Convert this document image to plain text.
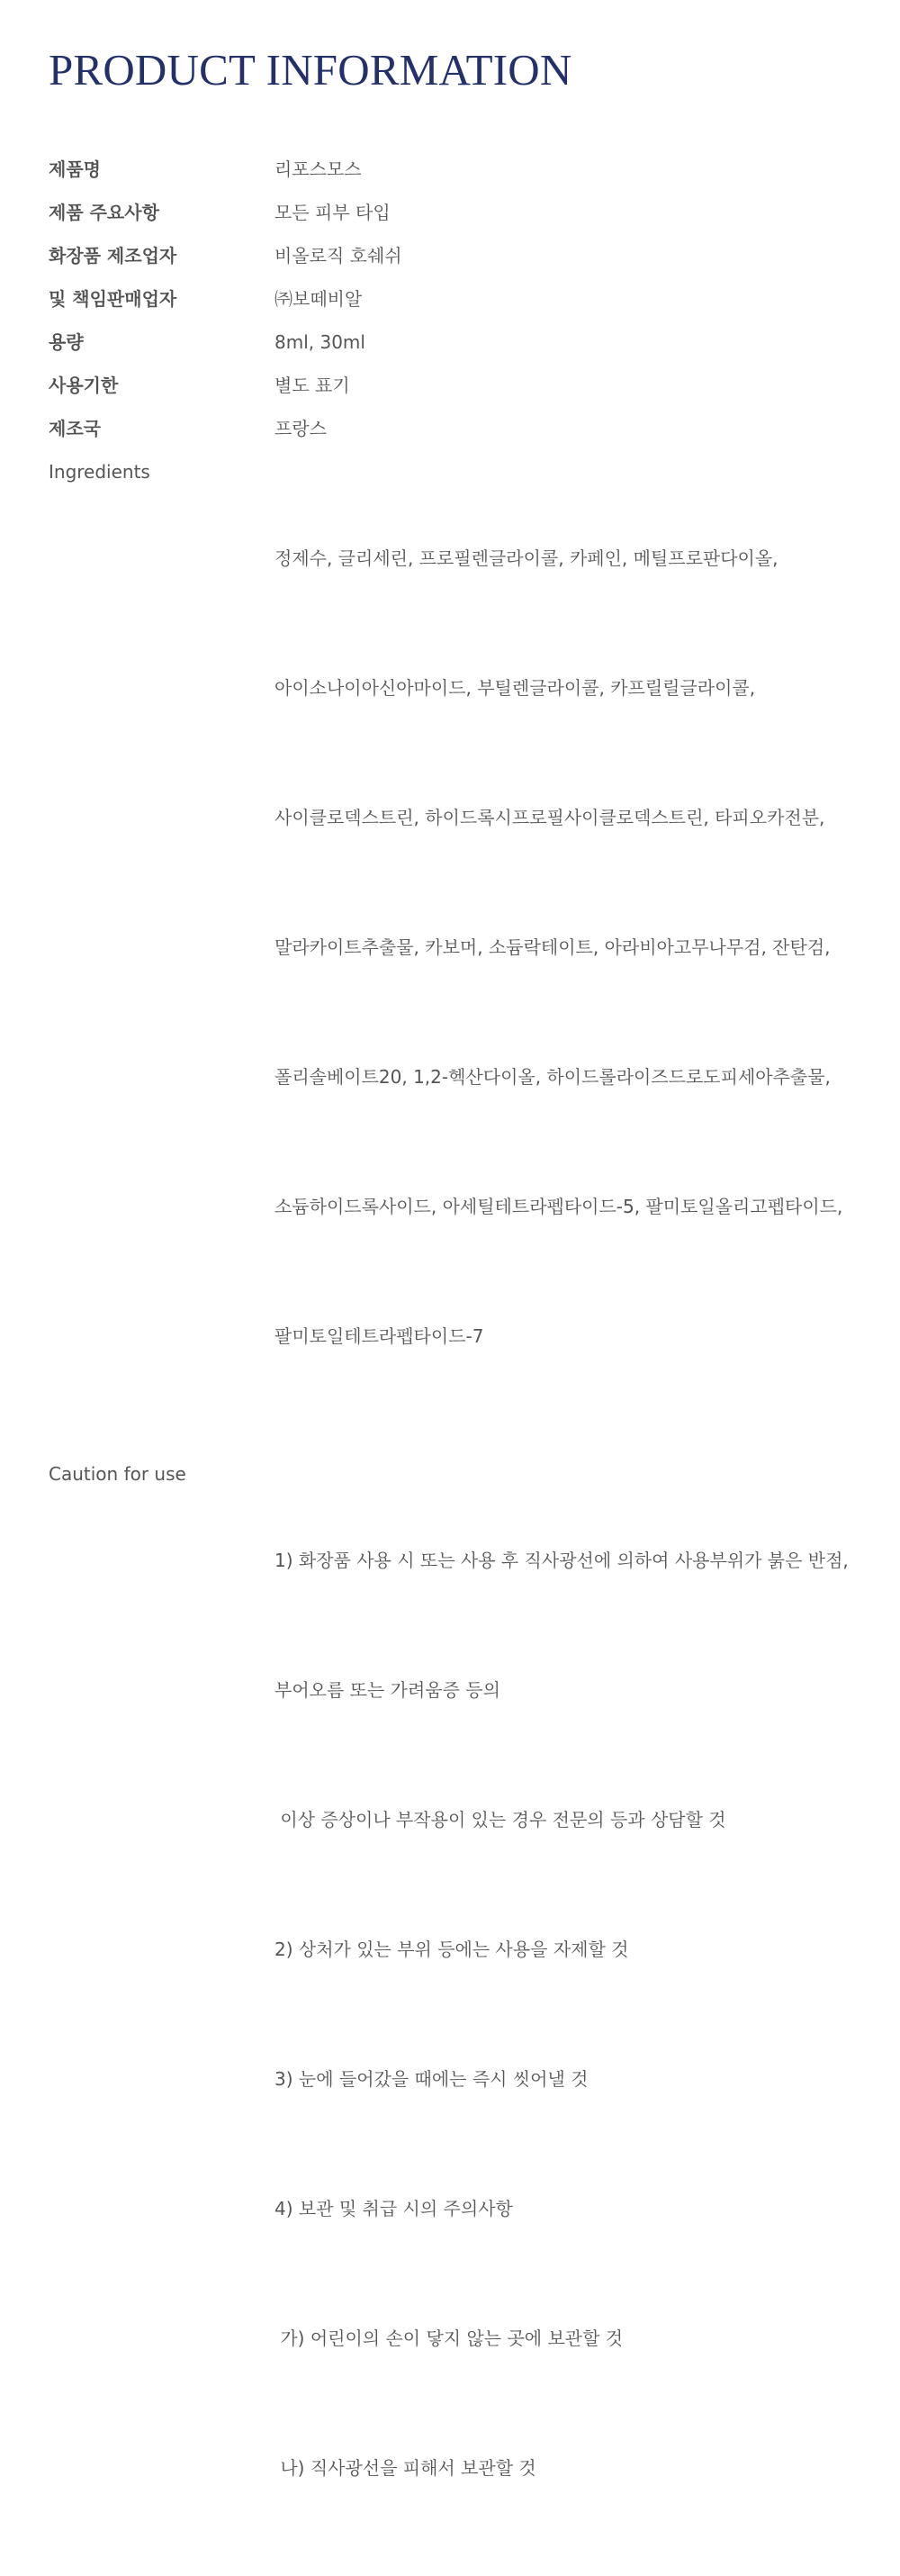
PRODUCT INFORMATION
제품명	리포스모스
제품 주요사항	모든 피부 타입
화장품 제조업자	비올로직 호쉐쉬
및 책임판매업자	㈜보떼비알
용량	8ml, 30ml
사용기한	별도 표기
제조국	프랑스
Ingredients

정제수, 글리세린, 프로필렌글라이콜, 카페인, 메틸프로판다이올,

아이소나이아신아마이드, 부틸렌글라이콜, 카프릴릴글라이콜,

사이클로덱스트린, 하이드록시프로필사이클로덱스트린, 타피오카전분,

말라카이트추출물, 카보머, 소듐락테이트, 아라비아고무나무검, 잔탄검,

폴리솔베이트20, 1,2-헥산다이올, 하이드롤라이즈드로도피세아추출물,

소듐하이드록사이드, 아세틸테트라펩타이드-5, 팔미토일올리고펩타이드,

팔미토일테트라펩타이드-7

Caution for use

1) 화장품 사용 시 또는 사용 후 직사광선에 의하여 사용부위가 붉은 반점,

부어오름 또는 가려움증 등의

이상 증상이나 부작용이 있는 경우 전문의 등과 상담할 것

2) 상처가 있는 부위 등에는 사용을 자제할 것

3) 눈에 들어갔을 때에는 즉시 씻어낼 것

4) 보관 및 취급 시의 주의사항

가) 어린이의 손이 닿지 않는 곳에 보관할 것

나) 직사광선을 피해서 보관할 것
